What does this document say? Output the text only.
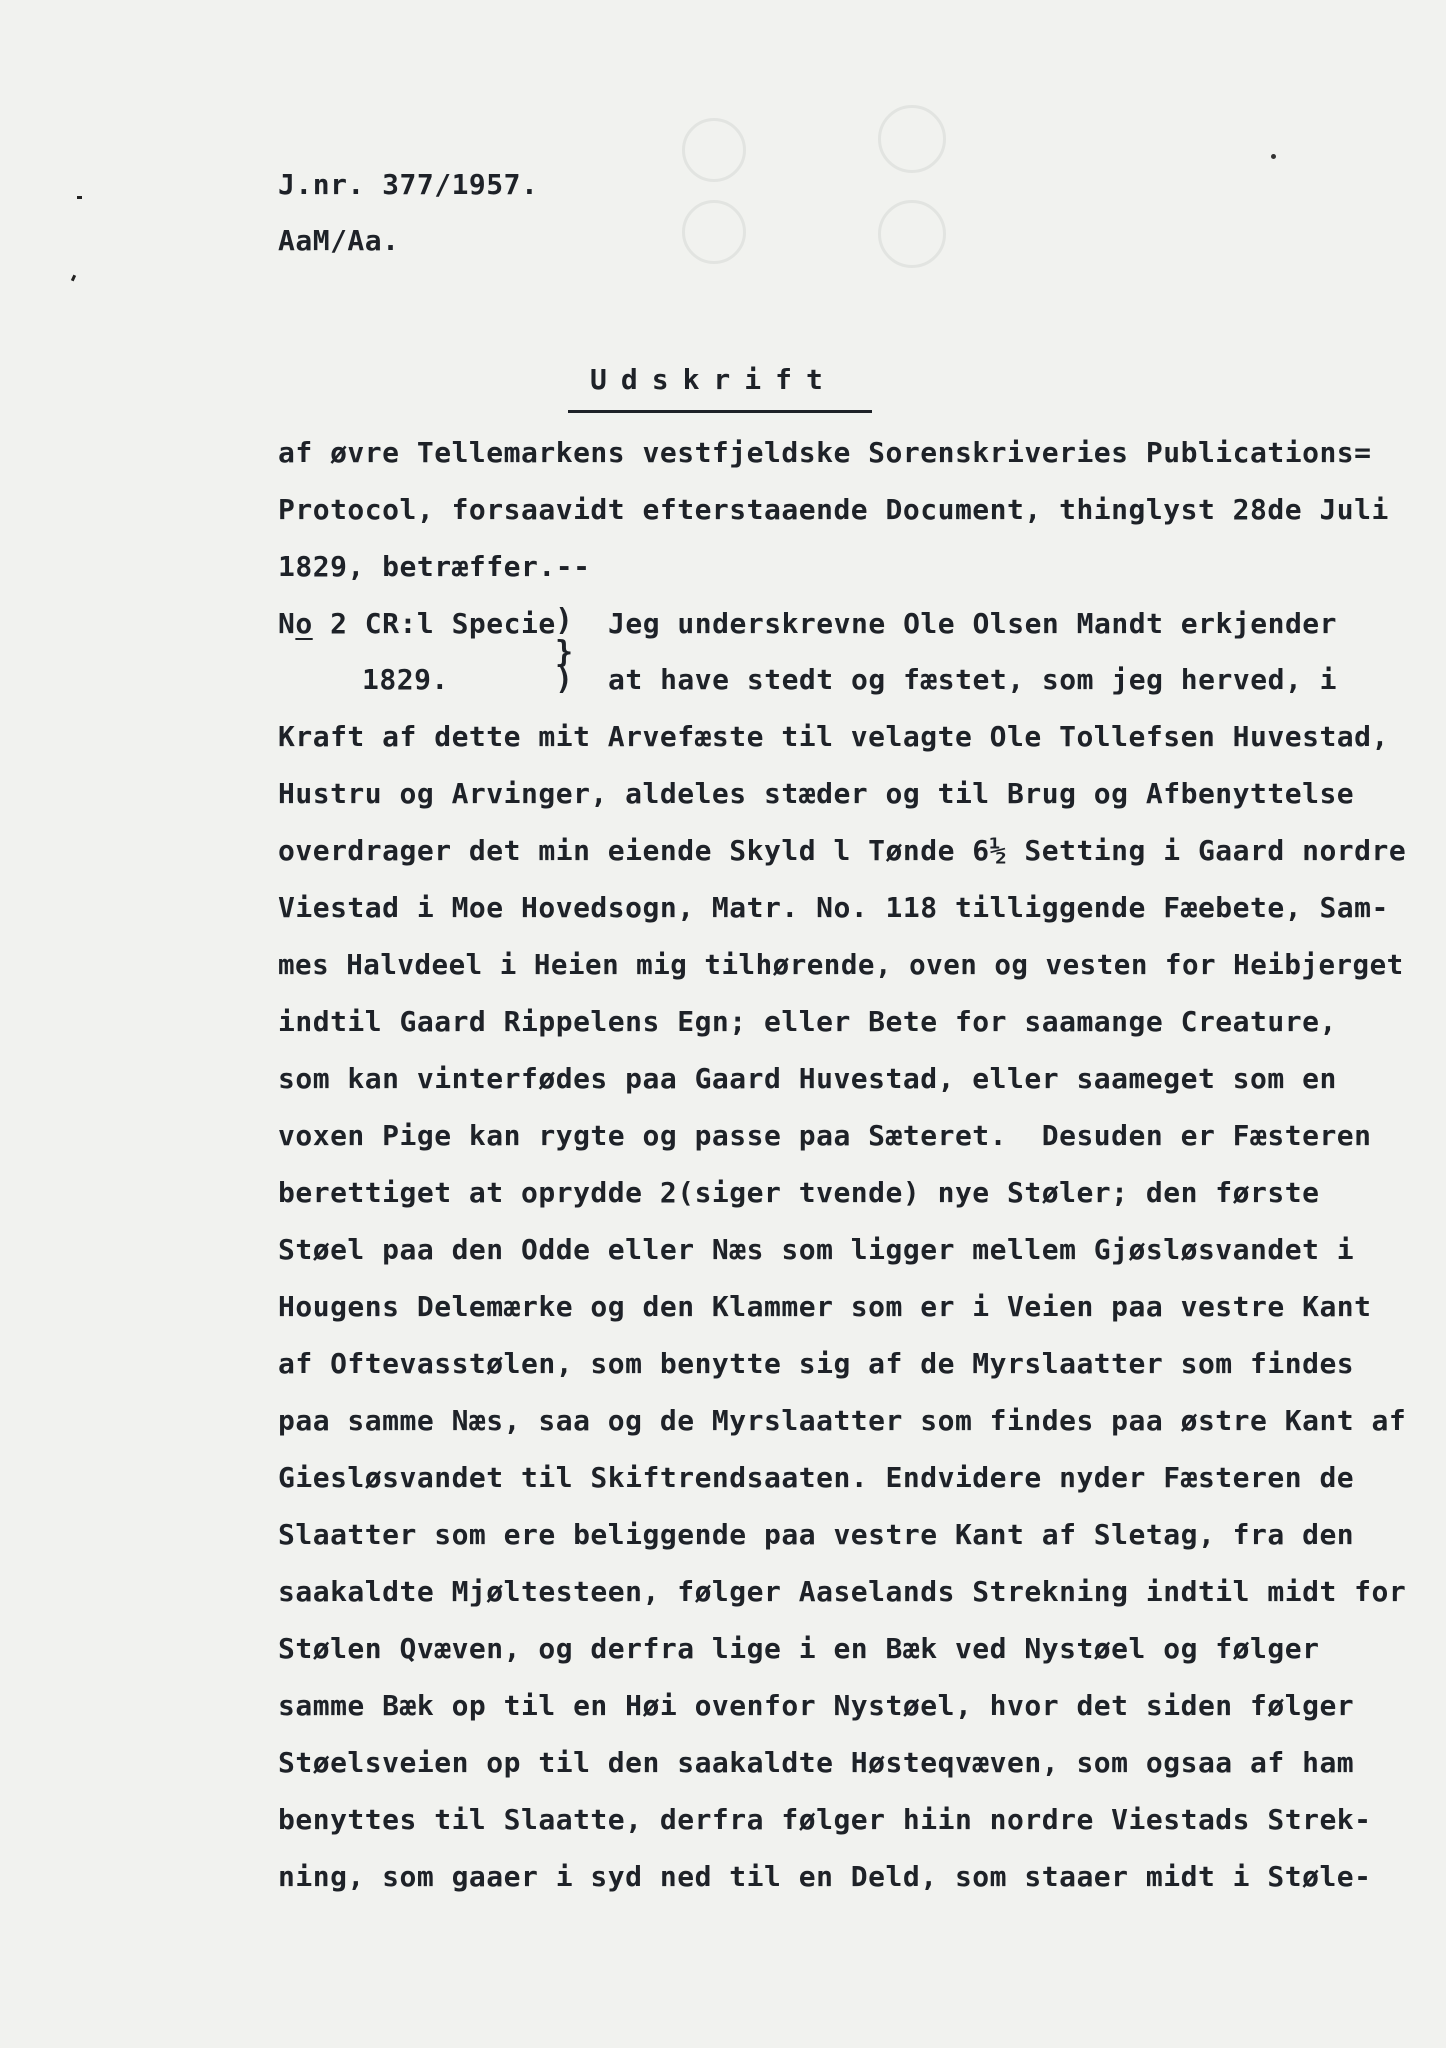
J.nr. 377/1957.
AaM/Aa.
Udskrift
af øvre Tellemarkens vestfjeldske Sorenskriveries Publications=
Protocol, forsaavidt efterstaaende Document, thinglyst 28de Juli
1829, betræffer.--
No 2 CR:l Specie
1829.
)
}
)
Jeg underskrevne Ole Olsen Mandt erkjender
at have stedt og fæstet, som jeg herved, i
Kraft af dette mit Arvefæste til velagte Ole Tollefsen Huvestad,
Hustru og Arvinger, aldeles stæder og til Brug og Afbenyttelse
overdrager det min eiende Skyld l Tønde 6½ Setting i Gaard nordre
Viestad i Moe Hovedsogn, Matr. No. 118 tilliggende Fæebete, Sam-
mes Halvdeel i Heien mig tilhørende, oven og vesten for Heibjerget
indtil Gaard Rippelens Egn; eller Bete for saamange Creature,
som kan vinterfødes paa Gaard Huvestad, eller saameget som en
voxen Pige kan rygte og passe paa Sæteret.  Desuden er Fæsteren
berettiget at oprydde 2(siger tvende) nye Støler; den første
Støel paa den Odde eller Næs som ligger mellem Gjøsløsvandet i
Hougens Delemærke og den Klammer som er i Veien paa vestre Kant
af Oftevasstølen, som benytte sig af de Myrslaatter som findes
paa samme Næs, saa og de Myrslaatter som findes paa østre Kant af
Giesløsvandet til Skiftrendsaaten. Endvidere nyder Fæsteren de
Slaatter som ere beliggende paa vestre Kant af Sletag, fra den
saakaldte Mjøltesteen, følger Aaselands Strekning indtil midt for
Stølen Qvæven, og derfra lige i en Bæk ved Nystøel og følger
samme Bæk op til en Høi ovenfor Nystøel, hvor det siden følger
Støelsveien op til den saakaldte Høsteqvæven, som ogsaa af ham
benyttes til Slaatte, derfra følger hiin nordre Viestads Strek-
ning, som gaaer i syd ned til en Deld, som staaer midt i Støle-
